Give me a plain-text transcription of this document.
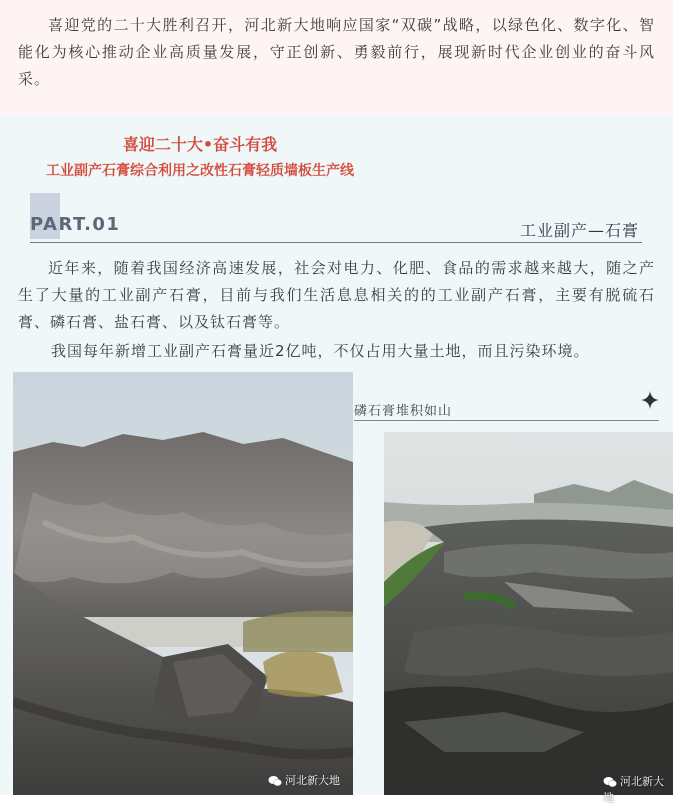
喜迎党的二十大胜利召开，河北新大地响应国家“双碳”战略，以绿色化、数字化、智能化为核心推动企业高质量发展，守正创新、勇毅前行，展现新时代企业创业的奋斗风采。

喜迎二十大•奋斗有我
工业副产石膏综合利用之改性石膏轻质墙板生产线
PART.01	工业副产—石膏

近年来，随着我国经济高速发展，社会对电力、化肥、食品的需求越来越大，随之产生了大量的工业副产石膏，目前与我们生活息息相关的的工业副产石膏，主要有脱硫石膏、磷石膏、盐石膏、以及钛石膏等。

我国每年新增工业副产石膏量近2亿吨，不仅占用大量土地，而且污染环境。

磷石膏堆积如山
河北新大地	河北新大地
